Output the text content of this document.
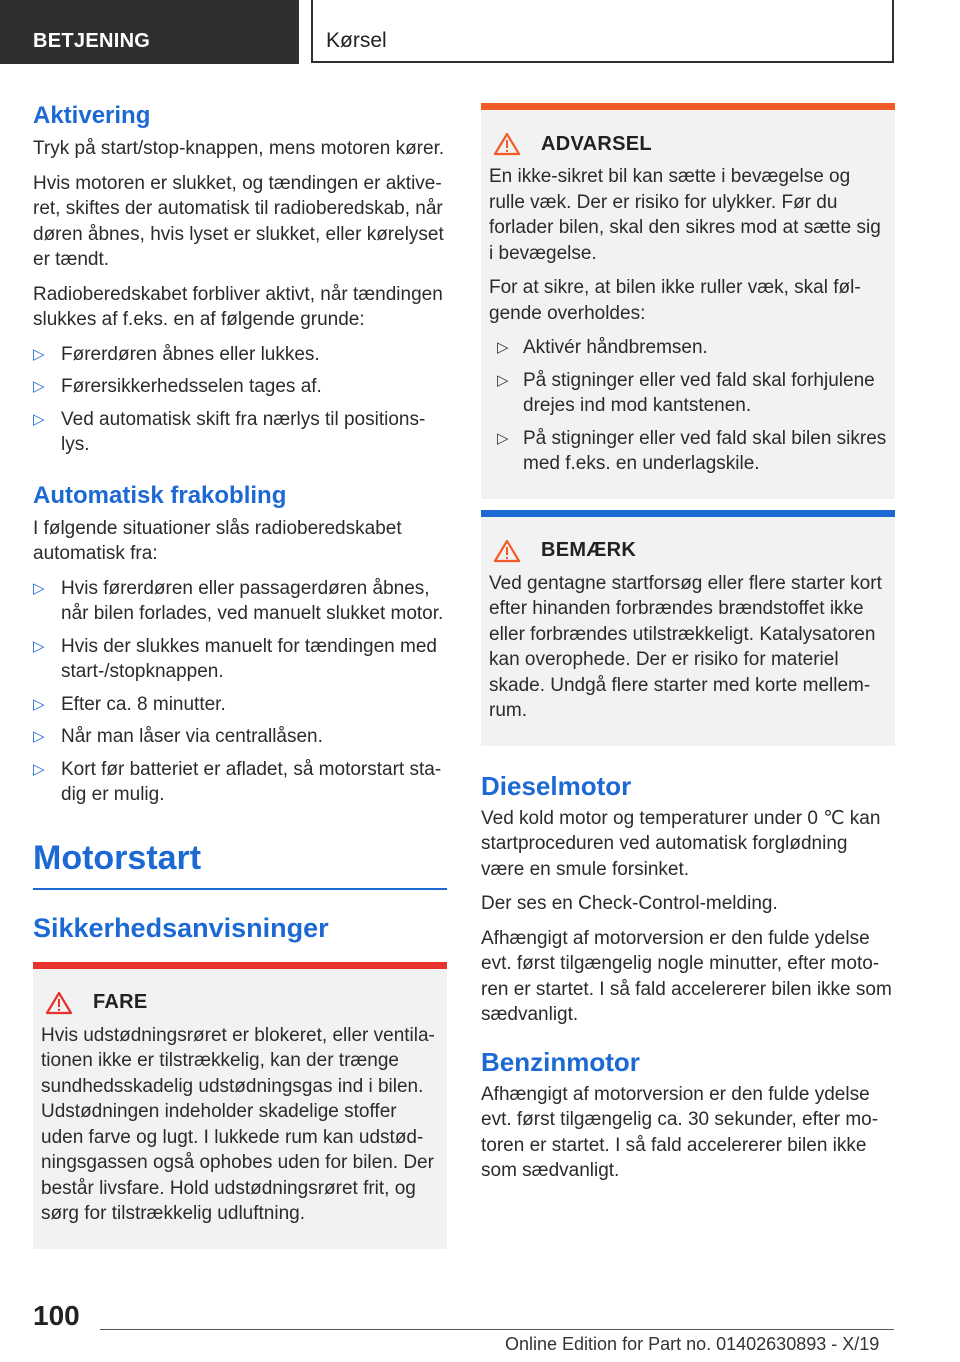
BETJENING	Kørsel
Aktivering

Tryk på start/stop-knappen, mens motoren kører.

Hvis motoren er slukket, og tændingen er aktiveret, skiftes der automatisk til radioberedskab, når døren åbnes, hvis lyset er slukket, eller kørelyset er tændt.

Radioberedskabet forbliver aktivt, når tændingen slukkes af f.eks. en af følgende grunde:

▷ Førerdøren åbnes eller lukkes.
▷ Førersikkerhedsselen tages af.
▷ Ved automatisk skift fra nærlys til positionslys.
Automatisk frakobling

I følgende situationer slås radioberedskabet automatisk fra:

▷ Hvis førerdøren eller passagerdøren åbnes, når bilen forlades, ved manuelt slukket motor.
▷ Hvis der slukkes manuelt for tændingen med start-/stopknappen.
▷ Efter ca. 8 minutter.
▷ Når man låser via centrallåsen.
▷ Kort før batteriet er afladet, så motorstart stadig er mulig.
Motorstart
Sikkerhedsanvisninger
FARE

Hvis udstødningsrøret er blokeret, eller ventilationen ikke er tilstrækkelig, kan der trænge sundhedsskadelig udstødningsgas ind i bilen. Udstødningen indeholder skadelige stoffer uden farve og lugt. I lukkede rum kan udstødningsgassen også ophobes uden for bilen. Der består livsfare. Hold udstødningsrøret frit, og sørg for tilstrækkelig udluftning.

ADVARSEL

En ikke-sikret bil kan sætte i bevægelse og rulle væk. Der er risiko for ulykker. Før du forlader bilen, skal den sikres mod at sætte sig i bevægelse.

For at sikre, at bilen ikke ruller væk, skal følgende overholdes:

▷ Aktivér håndbremsen.
▷ På stigninger eller ved fald skal forhjulene drejes ind mod kantstenen.
▷ På stigninger eller ved fald skal bilen sikres med f.eks. en underlagskile.
BEMÆRK

Ved gentagne startforsøg eller flere starter kort efter hinanden forbrændes brændstoffet ikke eller forbrændes utilstrækkeligt. Katalysatoren kan overophede. Der er risiko for materiel skade. Undgå flere starter med korte mellemrum.

Dieselmotor

Ved kold motor og temperaturer under 0 ℃ kan startproceduren ved automatisk forglødning være en smule forsinket.

Der ses en Check-Control-melding.

Afhængigt af motorversion er den fulde ydelse evt. først tilgængelig nogle minutter, efter motoren er startet. I så fald accelererer bilen ikke som sædvanligt.

Benzinmotor

Afhængigt af motorversion er den fulde ydelse evt. først tilgængelig ca. 30 sekunder, efter motoren er startet. I så fald accelererer bilen ikke som sædvanligt.

100
Online Edition for Part no. 01402630893 - X/19
